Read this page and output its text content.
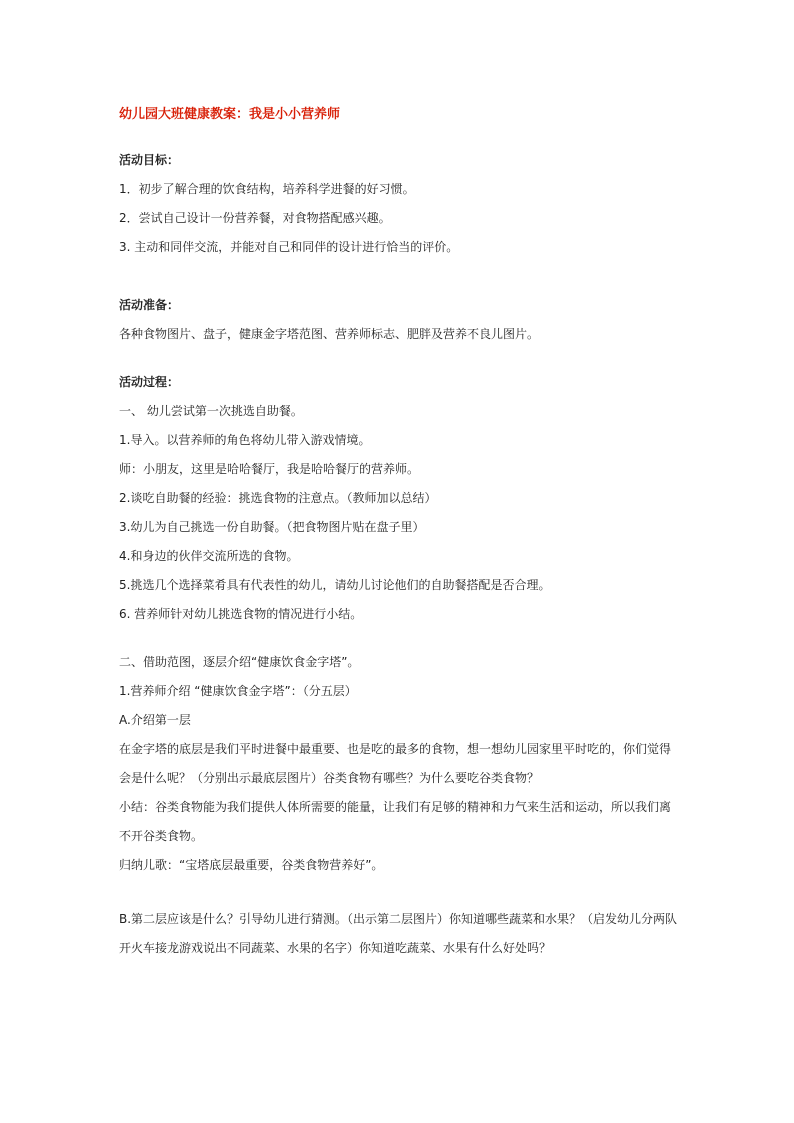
幼儿园大班健康教案：我是小小营养师
活动目标：
1．初步了解合理的饮食结构，培养科学进餐的好习惯。
2．尝试自己设计一份营养餐，对食物搭配感兴趣。
3. 主动和同伴交流，并能对自己和同伴的设计进行恰当的评价。
活动准备：
各种食物图片、盘子，健康金字塔范图、营养师标志、肥胖及营养不良儿图片。
活动过程：
一、 幼儿尝试第一次挑选自助餐。
1.导入。以营养师的角色将幼儿带入游戏情境。
师：小朋友，这里是哈哈餐厅，我是哈哈餐厅的营养师。
2.谈吃自助餐的经验：挑选食物的注意点。（教师加以总结）
3.幼儿为自己挑选一份自助餐。（把食物图片贴在盘子里）
4.和身边的伙伴交流所选的食物。
5.挑选几个选择菜肴具有代表性的幼儿，请幼儿讨论他们的自助餐搭配是否合理。
6. 营养师针对幼儿挑选食物的情况进行小结。
二、借助范图，逐层介绍“健康饮食金字塔”。
1.营养师介绍 “健康饮食金字塔”：（分五层）
A.介绍第一层
在金字塔的底层是我们平时进餐中最重要、也是吃的最多的食物，想一想幼儿园家里平时吃的，你们觉得会是什么呢？（分别出示最底层图片）谷类食物有哪些？为什么要吃谷类食物？
小结：谷类食物能为我们提供人体所需要的能量，让我们有足够的精神和力气来生活和运动，所以我们离不开谷类食物。
归纳儿歌：“宝塔底层最重要，谷类食物营养好”。
B.第二层应该是什么？引导幼儿进行猜测。（出示第二层图片）你知道哪些蔬菜和水果？（启发幼儿分两队开火车接龙游戏说出不同蔬菜、水果的名字）你知道吃蔬菜、水果有什么好处吗？
